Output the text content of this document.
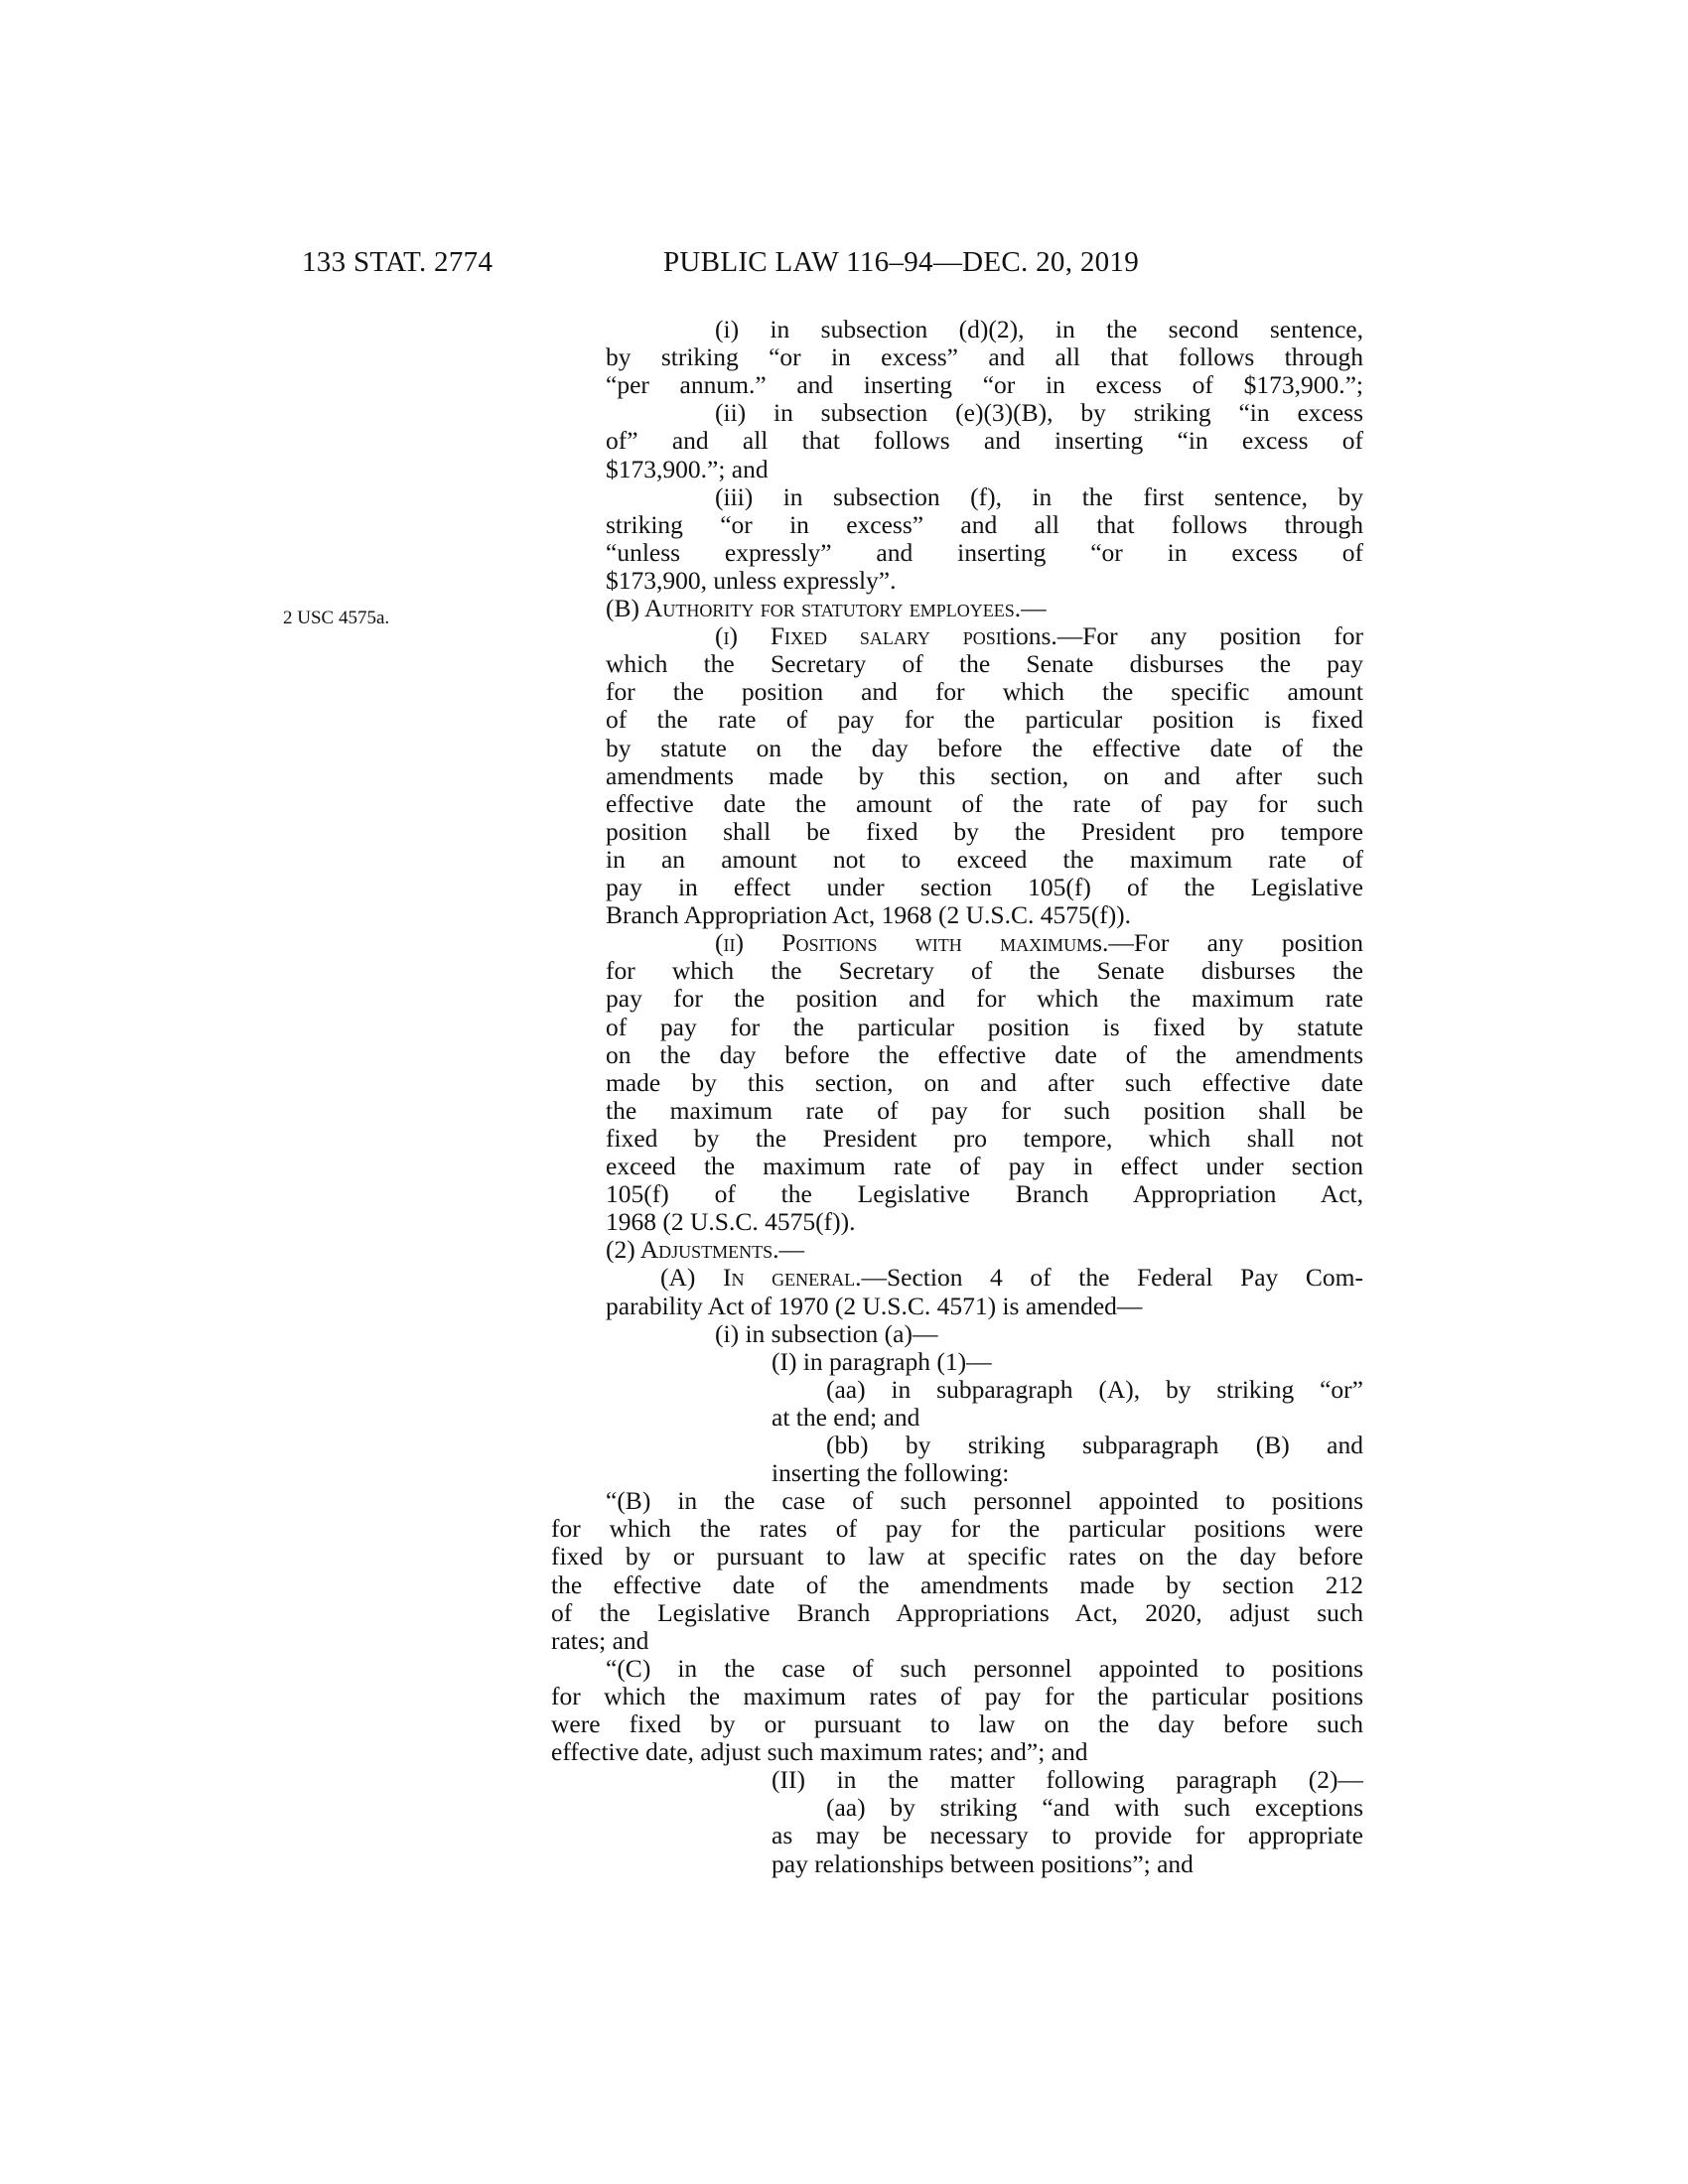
133 STAT. 2774	PUBLIC LAW 116–94—DEC. 20, 2019
2 USC 4575a.
(i) in subsection (d)(2), in the second sentence,
by striking “or in excess” and all that follows through
“per annum.” and inserting “or in excess of $173,900.”;
(ii) in subsection (e)(3)(B), by striking “in excess
of” and all that follows and inserting “in excess of
$173,900.”; and
(iii) in subsection (f), in the first sentence, by
striking “or in excess” and all that follows through
“unless expressly” and inserting “or in excess of
$173,900, unless expressly”.
(B) Authority for statutory employees.—
(i) Fixed salary positions.—For any position for
which the Secretary of the Senate disburses the pay
for the position and for which the specific amount
of the rate of pay for the particular position is fixed
by statute on the day before the effective date of the
amendments made by this section, on and after such
effective date the amount of the rate of pay for such
position shall be fixed by the President pro tempore
in an amount not to exceed the maximum rate of
pay in effect under section 105(f) of the Legislative
Branch Appropriation Act, 1968 (2 U.S.C. 4575(f)).
(ii) Positions with maximums.—For any position
for which the Secretary of the Senate disburses the
pay for the position and for which the maximum rate
of pay for the particular position is fixed by statute
on the day before the effective date of the amendments
made by this section, on and after such effective date
the maximum rate of pay for such position shall be
fixed by the President pro tempore, which shall not
exceed the maximum rate of pay in effect under section
105(f) of the Legislative Branch Appropriation Act,
1968 (2 U.S.C. 4575(f)).
(2) Adjustments.—
(A) In general.—Section 4 of the Federal Pay Com-
parability Act of 1970 (2 U.S.C. 4571) is amended—
(i) in subsection (a)—
(I) in paragraph (1)—
(aa) in subparagraph (A), by striking “or”
at the end; and
(bb) by striking subparagraph (B) and
inserting the following:
“(B) in the case of such personnel appointed to positions
for which the rates of pay for the particular positions were
fixed by or pursuant to law at specific rates on the day before
the effective date of the amendments made by section 212
of the Legislative Branch Appropriations Act, 2020, adjust such
rates; and
“(C) in the case of such personnel appointed to positions
for which the maximum rates of pay for the particular positions
were fixed by or pursuant to law on the day before such
effective date, adjust such maximum rates; and”; and
(II) in the matter following paragraph (2)—
(aa) by striking “and with such exceptions
as may be necessary to provide for appropriate
pay relationships between positions”; and
